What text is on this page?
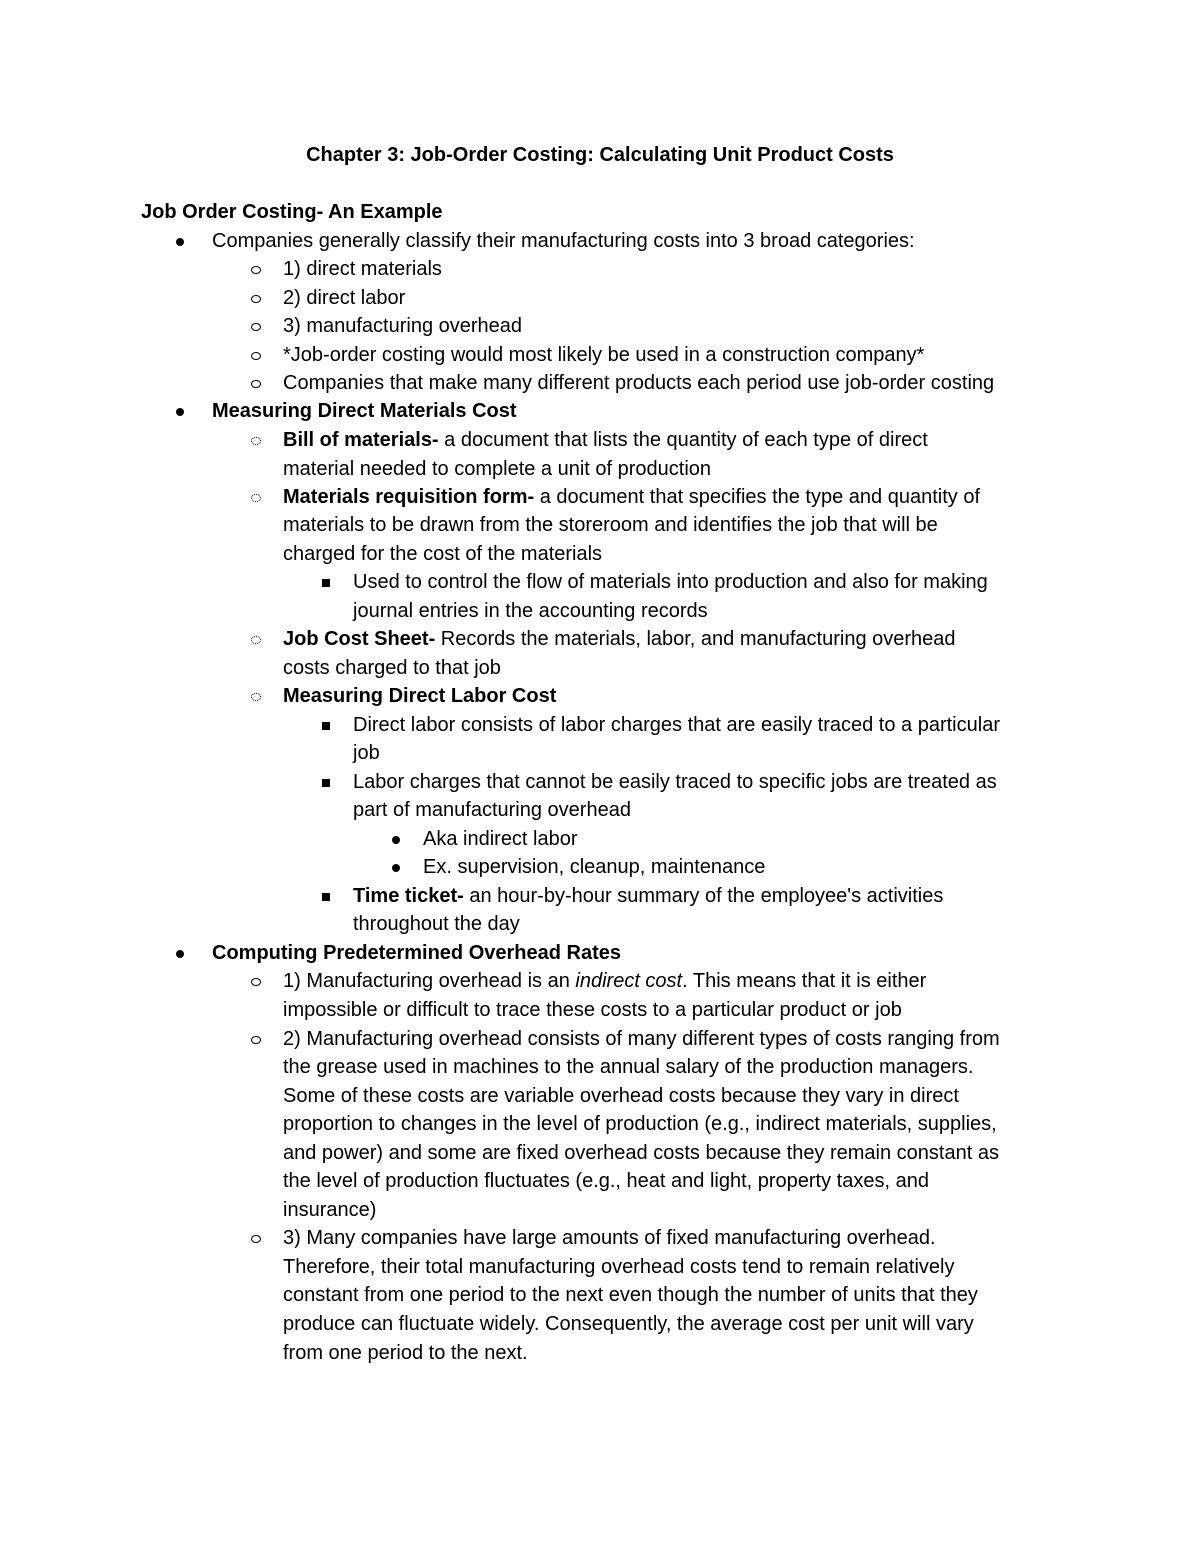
Chapter 3: Job-Order Costing: Calculating Unit Product Costs
Job Order Costing- An Example
Companies generally classify their manufacturing costs into 3 broad categories:
1) direct materials
2) direct labor
3) manufacturing overhead
*Job-order costing would most likely be used in a construction company*
Companies that make many different products each period use job-order costing
Measuring Direct Materials Cost
Bill of materials- a document that lists the quantity of each type of direct
material needed to complete a unit of production
Materials requisition form- a document that specifies the type and quantity of
materials to be drawn from the storeroom and identifies the job that will be
charged for the cost of the materials
Used to control the flow of materials into production and also for making
journal entries in the accounting records
Job Cost Sheet- Records the materials, labor, and manufacturing overhead
costs charged to that job
Measuring Direct Labor Cost
Direct labor consists of labor charges that are easily traced to a particular
job
Labor charges that cannot be easily traced to specific jobs are treated as
part of manufacturing overhead
Aka indirect labor
Ex. supervision, cleanup, maintenance
Time ticket- an hour-by-hour summary of the employee's activities
throughout the day
Computing Predetermined Overhead Rates
1) Manufacturing overhead is an indirect cost. This means that it is either
impossible or difficult to trace these costs to a particular product or job
2) Manufacturing overhead consists of many different types of costs ranging from
the grease used in machines to the annual salary of the production managers.
Some of these costs are variable overhead costs because they vary in direct
proportion to changes in the level of production (e.g., indirect materials, supplies,
and power) and some are fixed overhead costs because they remain constant as
the level of production fluctuates (e.g., heat and light, property taxes, and
insurance)
3) Many companies have large amounts of fixed manufacturing overhead.
Therefore, their total manufacturing overhead costs tend to remain relatively
constant from one period to the next even though the number of units that they
produce can fluctuate widely. Consequently, the average cost per unit will vary
from one period to the next.
